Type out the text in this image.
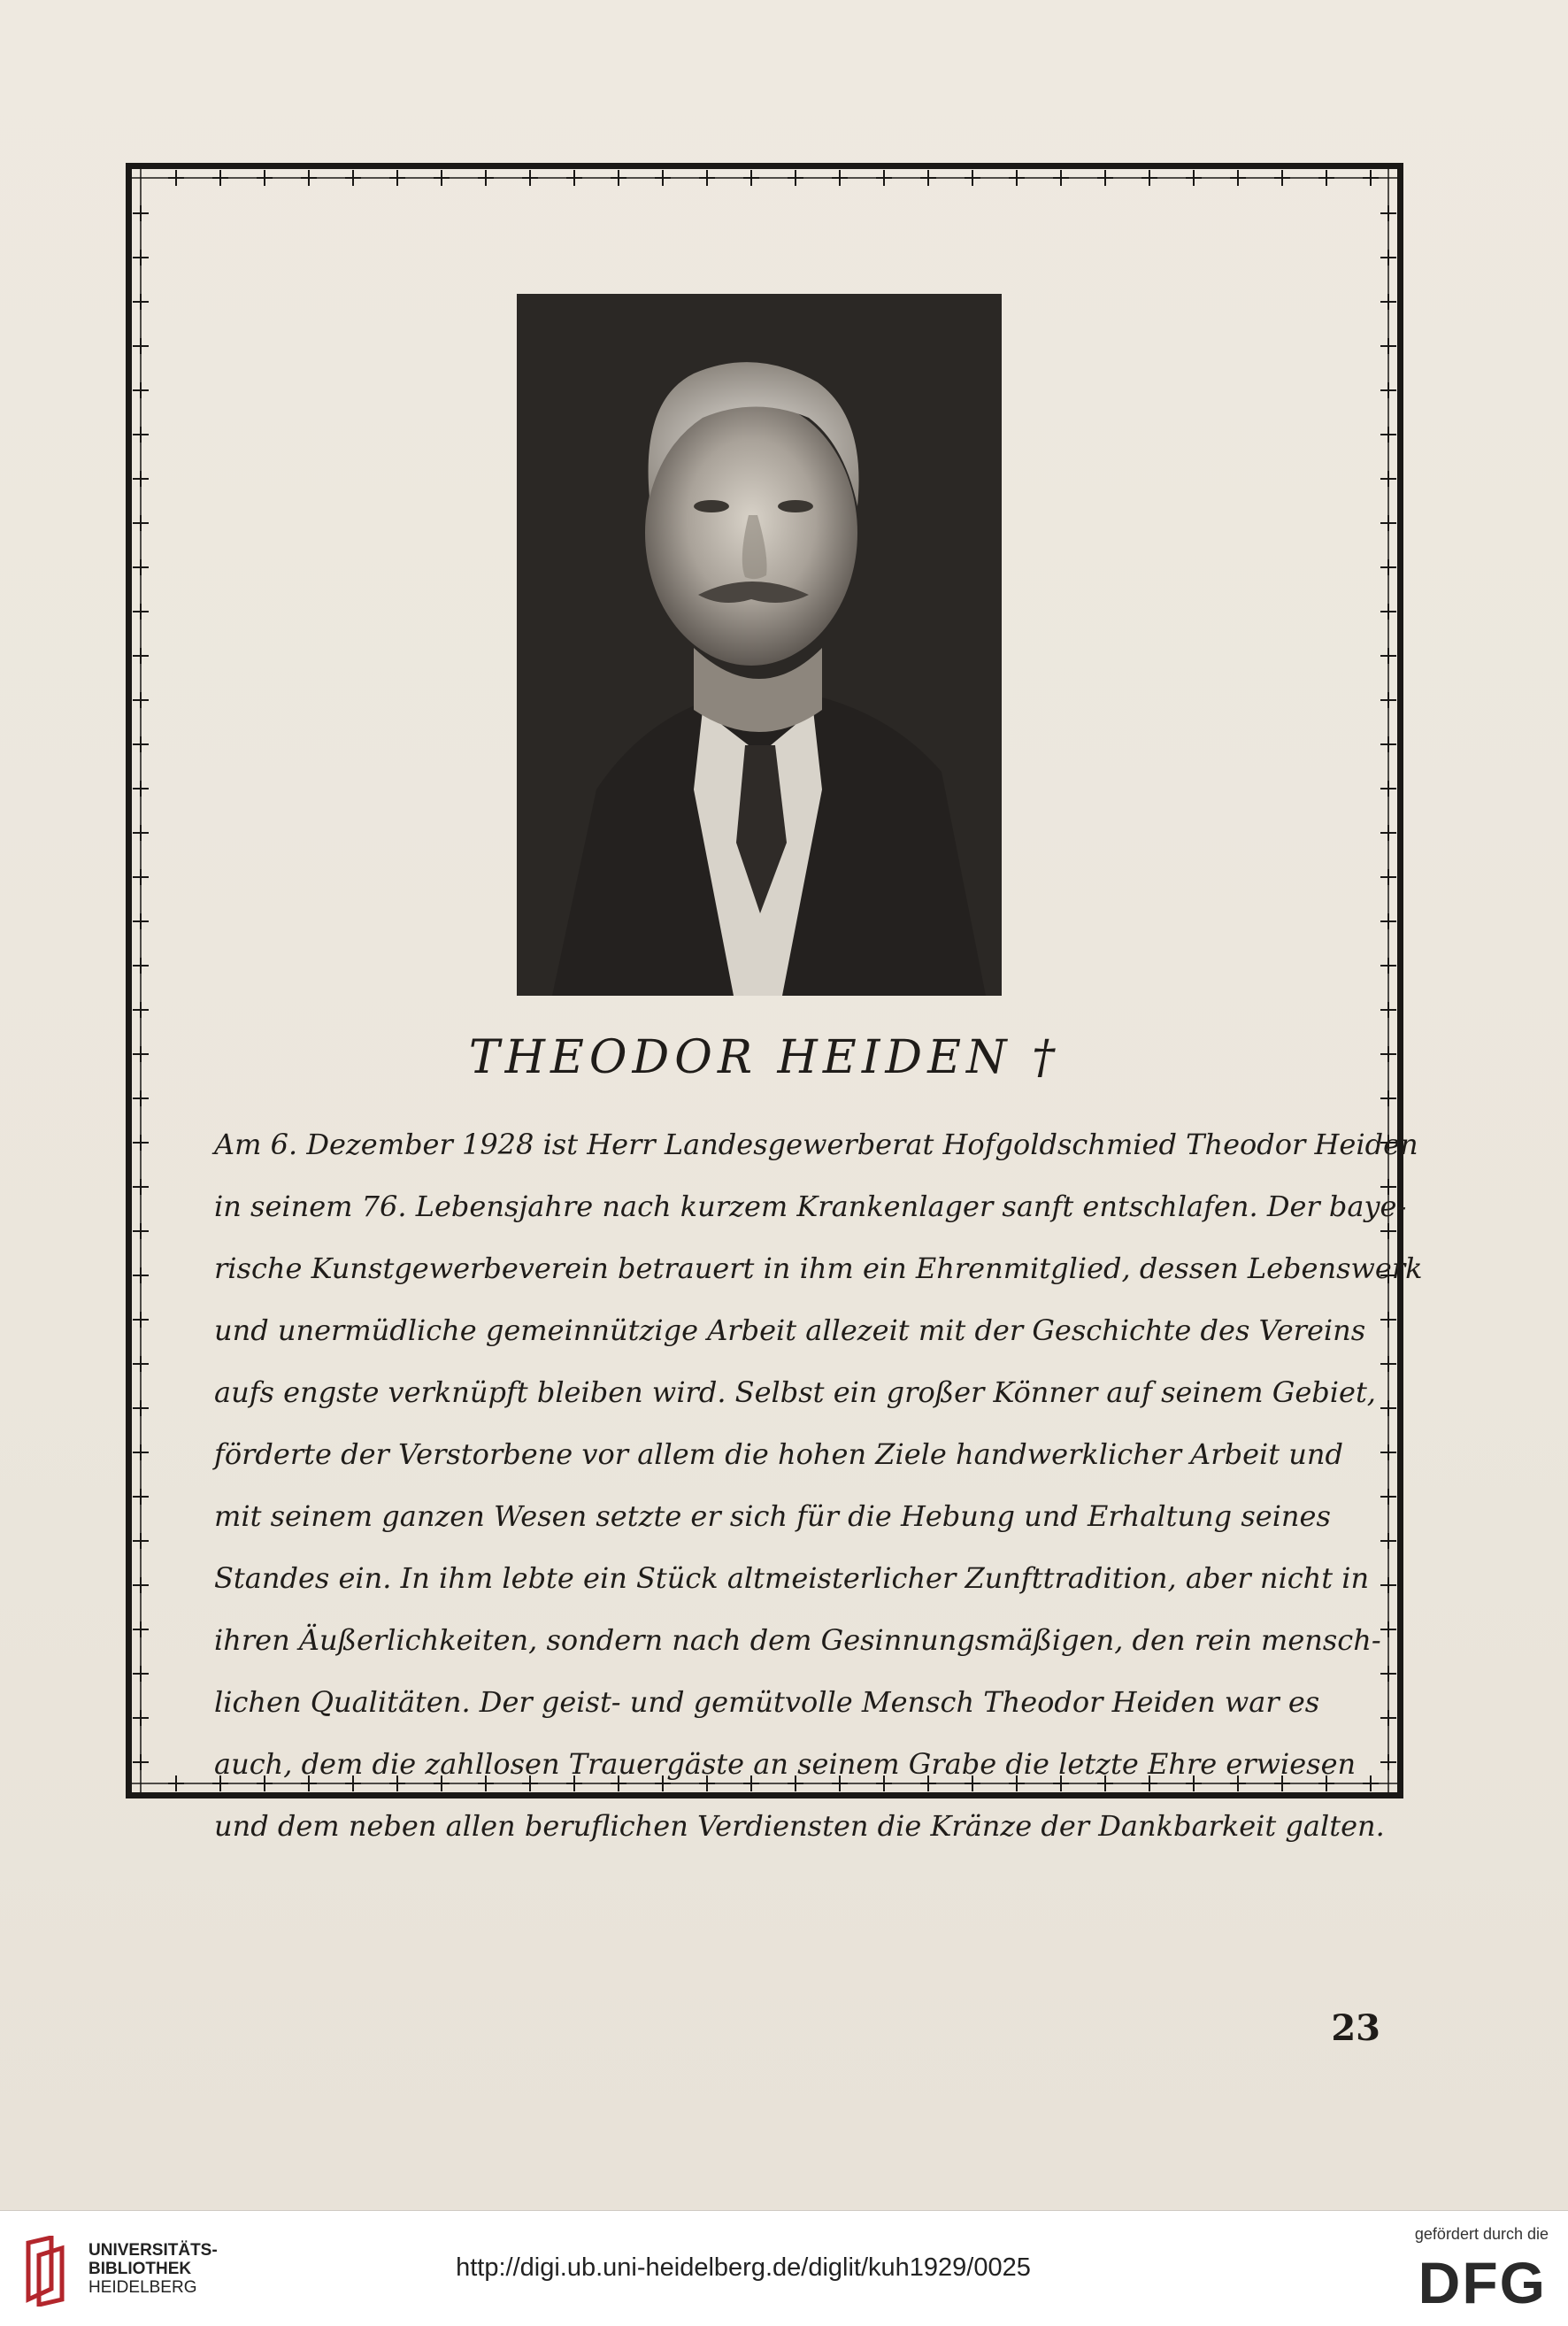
THEODOR HEIDEN †
Am 6. Dezember 1928 ist Herr Landesgewerberat Hofgoldschmied Theodor Heiden
in seinem 76. Lebensjahre nach kurzem Krankenlager sanft entschlafen. Der baye-
rische Kunstgewerbeverein betrauert in ihm ein Ehrenmitglied, dessen Lebenswerk
und unermüdliche gemeinnützige Arbeit allezeit mit der Geschichte des Vereins
aufs engste verknüpft bleiben wird. Selbst ein großer Könner auf seinem Gebiet,
förderte der Verstorbene vor allem die hohen Ziele handwerklicher Arbeit und
mit seinem ganzen Wesen setzte er sich für die Hebung und Erhaltung seines
Standes ein. In ihm lebte ein Stück altmeisterlicher Zunfttradition, aber nicht in
ihren Äußerlichkeiten, sondern nach dem Gesinnungsmäßigen, den rein mensch-
lichen Qualitäten. Der geist- und gemütvolle Mensch Theodor Heiden war es
auch, dem die zahllosen Trauergäste an seinem Grabe die letzte Ehre erwiesen
und dem neben allen beruflichen Verdiensten die Kränze der Dankbarkeit galten.
23
UNIVERSITÄTS-
BIBLIOTHEK
HEIDELBERG
http://digi.ub.uni-heidelberg.de/diglit/kuh1929/0025
gefördert durch die
DFG
